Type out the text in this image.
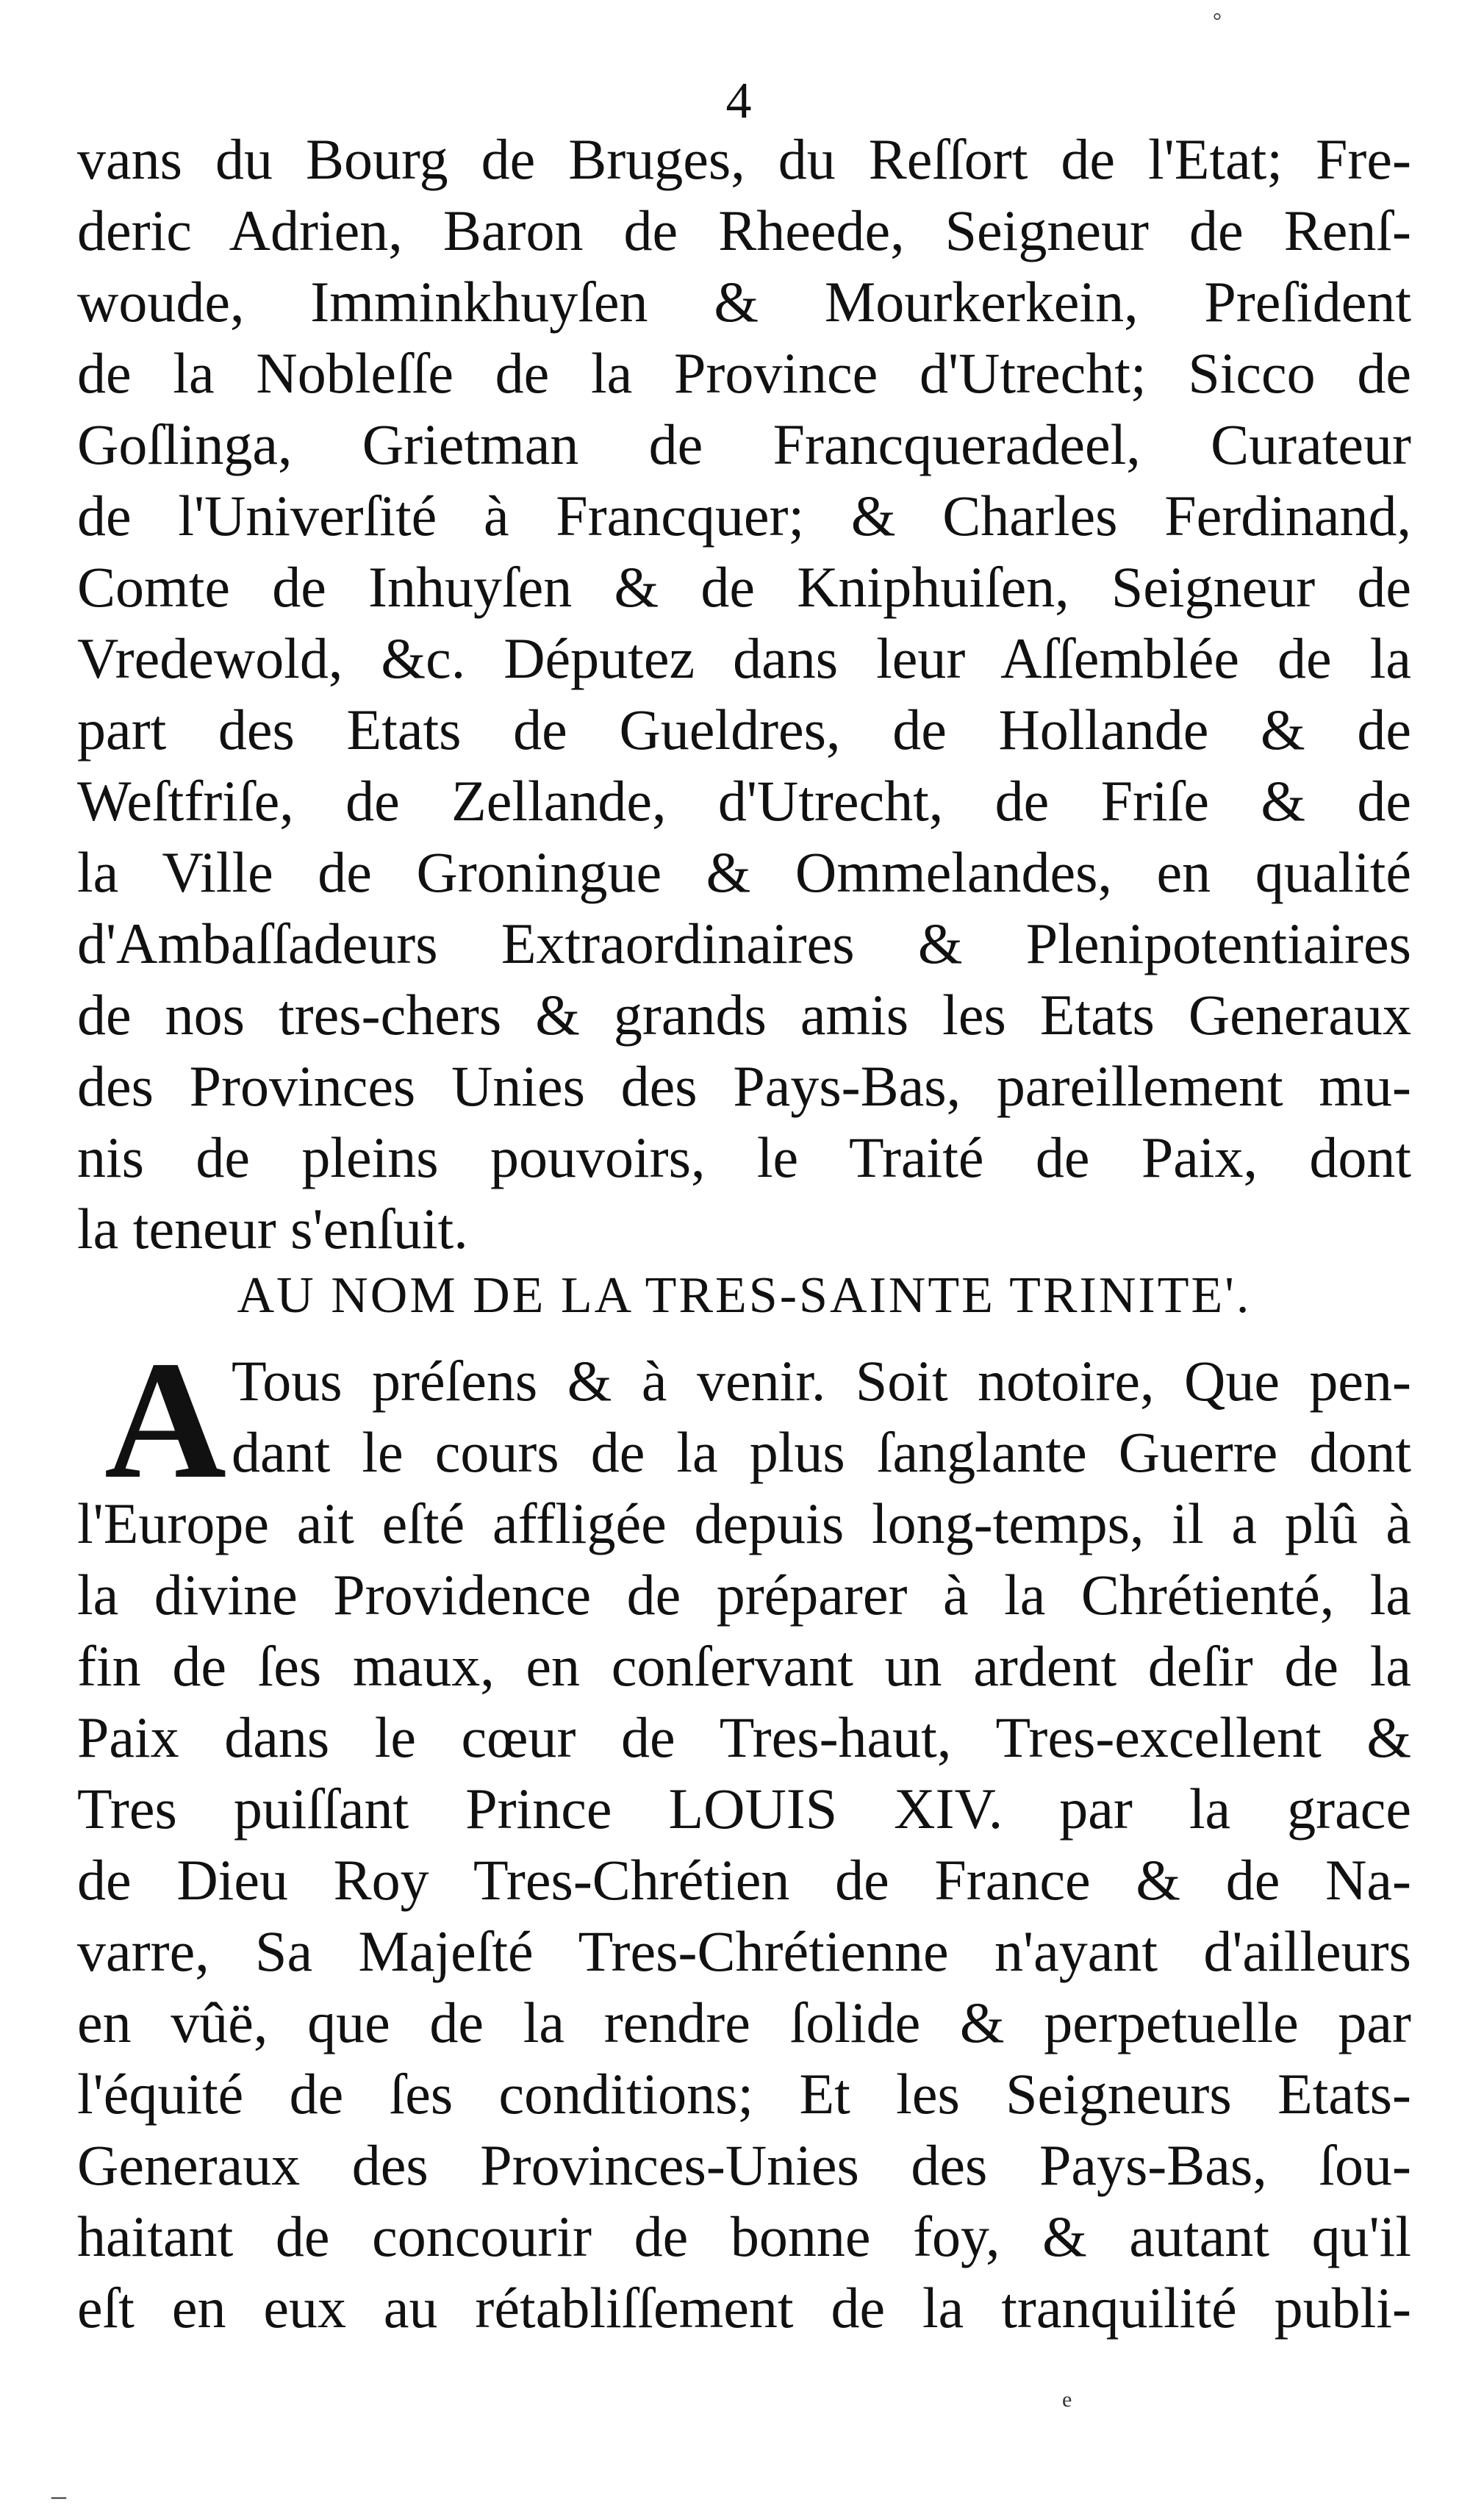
4
vans du Bourg de Bruges, du Reſſort de l'Etat; Fre-
deric Adrien, Baron de Rheede, Seigneur de Renſ-
woude, Imminkhuyſen & Mourkerkein, Preſident
de la Nobleſſe de la Province d'Utrecht; Sicco de
Goſlinga, Grietman de Francqueradeel, Curateur
de l'Univerſité à Francquer; & Charles Ferdinand,
Comte de Inhuyſen & de Kniphuiſen, Seigneur de
Vredewold, &c. Députez dans leur Aſſemblée de la
part des Etats de Gueldres, de Hollande & de
Weſtfriſe, de Zellande, d'Utrecht, de Friſe & de
la Ville de Groningue & Ommelandes, en qualité
d'Ambaſſadeurs Extraordinaires & Plenipotentiaires
de nos tres-chers & grands amis les Etats Generaux
des Provinces Unies des Pays-Bas, pareillement mu-
nis de pleins pouvoirs, le Traité de Paix, dont
la teneur s'enſuit.
AU NOM DE LA TRES-SAINTE TRINITE'.
A Tous préſens & à venir. Soit notoire, Que pen-
dant le cours de la plus ſanglante Guerre dont
l'Europe ait eſté affligée depuis long-temps, il a plû à
la divine Providence de préparer à la Chrétienté, la
fin de ſes maux, en conſervant un ardent deſir de la
Paix dans le cœur de Tres-haut, Tres-excellent &
Tres puiſſant Prince LOUIS XIV. par la grace
de Dieu Roy Tres-Chrétien de France & de Na-
varre, Sa Majeſté Tres-Chrétienne n'ayant d'ailleurs
en vûë, que de la rendre ſolide & perpetuelle par
l'équité de ſes conditions; Et les Seigneurs Etats-
Generaux des Provinces-Unies des Pays-Bas, ſou-
haitant de concourir de bonne foy, & autant qu'il
eſt en eux au rétabliſſement de la tranquilité publi-
°
–
e
